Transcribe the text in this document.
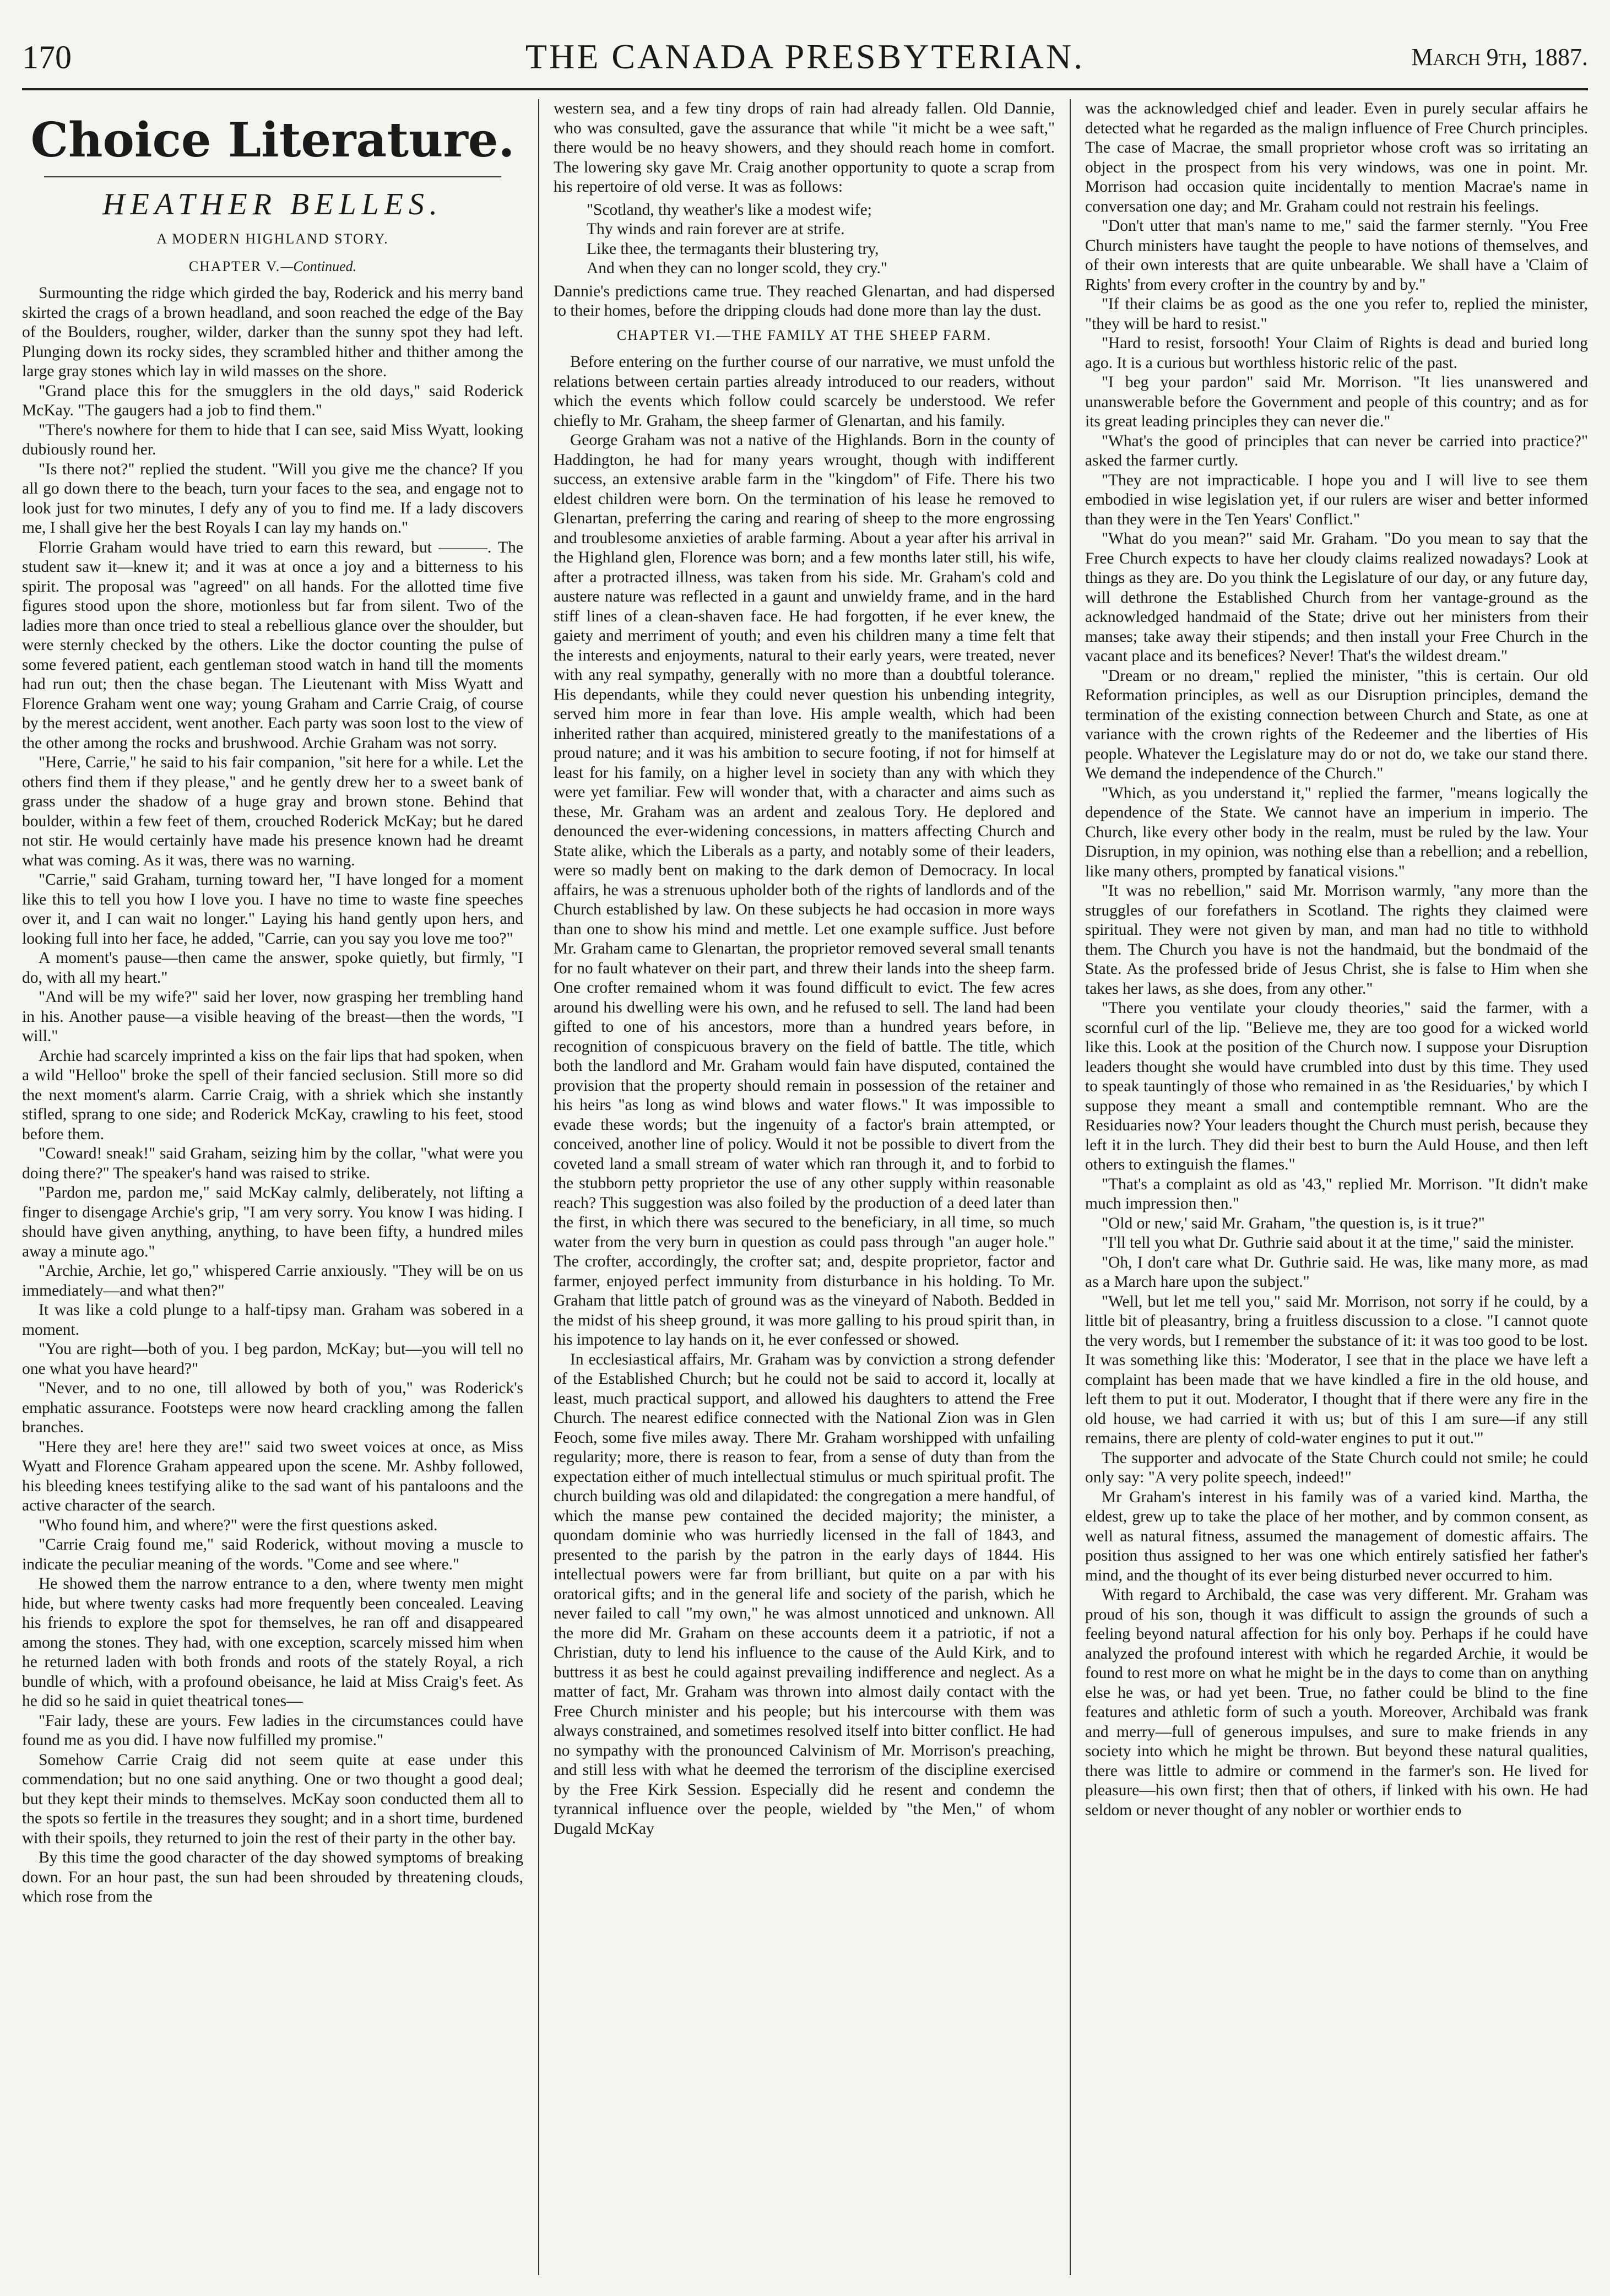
170	THE CANADA PRESBYTERIAN.	March 9th, 1887.
Choice Literature.
HEATHER BELLES.
A MODERN HIGHLAND STORY.
CHAPTER V.—Continued.

Surmounting the ridge which girded the bay, Roderick and his merry band skirted the crags of a brown headland, and soon reached the edge of the Bay of the Boulders, rougher, wilder, darker than the sunny spot they had left. Plunging down its rocky sides, they scrambled hither and thither among the large gray stones which lay in wild masses on the shore.

"Grand place this for the smugglers in the old days," said Roderick McKay. "The gaugers had a job to find them."

"There's nowhere for them to hide that I can see, said Miss Wyatt, looking dubiously round her.

"Is there not?" replied the student. "Will you give me the chance? If you all go down there to the beach, turn your faces to the sea, and engage not to look just for two minutes, I defy any of you to find me. If a lady discovers me, I shall give her the best Royals I can lay my hands on."

Florrie Graham would have tried to earn this reward, but ———. The student saw it—knew it; and it was at once a joy and a bitterness to his spirit. The proposal was "agreed" on all hands. For the allotted time five figures stood upon the shore, motionless but far from silent. Two of the ladies more than once tried to steal a rebellious glance over the shoulder, but were sternly checked by the others. Like the doctor counting the pulse of some fevered patient, each gentleman stood watch in hand till the moments had run out; then the chase began. The Lieutenant with Miss Wyatt and Florence Graham went one way; young Graham and Carrie Craig, of course by the merest accident, went another. Each party was soon lost to the view of the other among the rocks and brushwood. Archie Graham was not sorry.

"Here, Carrie," he said to his fair companion, "sit here for a while. Let the others find them if they please," and he gently drew her to a sweet bank of grass under the shadow of a huge gray and brown stone. Behind that boulder, within a few feet of them, crouched Roderick McKay; but he dared not stir. He would certainly have made his presence known had he dreamt what was coming. As it was, there was no warning.

"Carrie," said Graham, turning toward her, "I have longed for a moment like this to tell you how I love you. I have no time to waste fine speeches over it, and I can wait no longer." Laying his hand gently upon hers, and looking full into her face, he added, "Carrie, can you say you love me too?"

A moment's pause—then came the answer, spoke quietly, but firmly, "I do, with all my heart."

"And will be my wife?" said her lover, now grasping her trembling hand in his. Another pause—a visible heaving of the breast—then the words, "I will."

Archie had scarcely imprinted a kiss on the fair lips that had spoken, when a wild "Helloo" broke the spell of their fancied seclusion. Still more so did the next moment's alarm. Carrie Craig, with a shriek which she instantly stifled, sprang to one side; and Roderick McKay, crawling to his feet, stood before them.

"Coward! sneak!" said Graham, seizing him by the collar, "what were you doing there?" The speaker's hand was raised to strike.

"Pardon me, pardon me," said McKay calmly, deliberately, not lifting a finger to disengage Archie's grip, "I am very sorry. You know I was hiding. I should have given anything, anything, to have been fifty, a hundred miles away a minute ago."

"Archie, Archie, let go," whispered Carrie anxiously. "They will be on us immediately—and what then?"

It was like a cold plunge to a half-tipsy man. Graham was sobered in a moment.

"You are right—both of you. I beg pardon, McKay; but—you will tell no one what you have heard?"

"Never, and to no one, till allowed by both of you," was Roderick's emphatic assurance. Footsteps were now heard crackling among the fallen branches.

"Here they are! here they are!" said two sweet voices at once, as Miss Wyatt and Florence Graham appeared upon the scene. Mr. Ashby followed, his bleeding knees testifying alike to the sad want of his pantaloons and the active character of the search.

"Who found him, and where?" were the first questions asked.

"Carrie Craig found me," said Roderick, without moving a muscle to indicate the peculiar meaning of the words. "Come and see where."

He showed them the narrow entrance to a den, where twenty men might hide, but where twenty casks had more frequently been concealed. Leaving his friends to explore the spot for themselves, he ran off and disappeared among the stones. They had, with one exception, scarcely missed him when he returned laden with both fronds and roots of the stately Royal, a rich bundle of which, with a profound obeisance, he laid at Miss Craig's feet. As he did so he said in quiet theatrical tones—

"Fair lady, these are yours. Few ladies in the circumstances could have found me as you did. I have now fulfilled my promise."

Somehow Carrie Craig did not seem quite at ease under this commendation; but no one said anything. One or two thought a good deal; but they kept their minds to themselves. McKay soon conducted them all to the spots so fertile in the treasures they sought; and in a short time, burdened with their spoils, they returned to join the rest of their party in the other bay.

By this time the good character of the day showed symptoms of breaking down. For an hour past, the sun had been shrouded by threatening clouds, which rose from the

western sea, and a few tiny drops of rain had already fallen. Old Dannie, who was consulted, gave the assurance that while "it micht be a wee saft," there would be no heavy showers, and they should reach home in comfort. The lowering sky gave Mr. Craig another opportunity to quote a scrap from his repertoire of old verse. It was as follows:

"Scotland, thy weather's like a modest wife;
Thy winds and rain forever are at strife.
Like thee, the termagants their blustering try,
And when they can no longer scold, they cry."

Dannie's predictions came true. They reached Glenartan, and had dispersed to their homes, before the dripping clouds had done more than lay the dust.

CHAPTER VI.—THE FAMILY AT THE SHEEP FARM.

Before entering on the further course of our narrative, we must unfold the relations between certain parties already introduced to our readers, without which the events which follow could scarcely be understood. We refer chiefly to Mr. Graham, the sheep farmer of Glenartan, and his family.

George Graham was not a native of the Highlands. Born in the county of Haddington, he had for many years wrought, though with indifferent success, an extensive arable farm in the "kingdom" of Fife. There his two eldest children were born. On the termination of his lease he removed to Glenartan, preferring the caring and rearing of sheep to the more engrossing and troublesome anxieties of arable farming. About a year after his arrival in the Highland glen, Florence was born; and a few months later still, his wife, after a protracted illness, was taken from his side. Mr. Graham's cold and austere nature was reflected in a gaunt and unwieldy frame, and in the hard stiff lines of a clean-shaven face. He had forgotten, if he ever knew, the gaiety and merriment of youth; and even his children many a time felt that the interests and enjoyments, natural to their early years, were treated, never with any real sympathy, generally with no more than a doubtful tolerance. His dependants, while they could never question his unbending integrity, served him more in fear than love. His ample wealth, which had been inherited rather than acquired, ministered greatly to the manifestations of a proud nature; and it was his ambition to secure footing, if not for himself at least for his family, on a higher level in society than any with which they were yet familiar. Few will wonder that, with a character and aims such as these, Mr. Graham was an ardent and zealous Tory. He deplored and denounced the ever-widening concessions, in matters affecting Church and State alike, which the Liberals as a party, and notably some of their leaders, were so madly bent on making to the dark demon of Democracy. In local affairs, he was a strenuous upholder both of the rights of landlords and of the Church established by law. On these subjects he had occasion in more ways than one to show his mind and mettle. Let one example suffice. Just before Mr. Graham came to Glenartan, the proprietor removed several small tenants for no fault whatever on their part, and threw their lands into the sheep farm. One crofter remained whom it was found difficult to evict. The few acres around his dwelling were his own, and he refused to sell. The land had been gifted to one of his ancestors, more than a hundred years before, in recognition of conspicuous bravery on the field of battle. The title, which both the landlord and Mr. Graham would fain have disputed, contained the provision that the property should remain in possession of the retainer and his heirs "as long as wind blows and water flows." It was impossible to evade these words; but the ingenuity of a factor's brain attempted, or conceived, another line of policy. Would it not be possible to divert from the coveted land a small stream of water which ran through it, and to forbid to the stubborn petty proprietor the use of any other supply within reasonable reach? This suggestion was also foiled by the production of a deed later than the first, in which there was secured to the beneficiary, in all time, so much water from the very burn in question as could pass through "an auger hole." The crofter, accordingly, the crofter sat; and, despite proprietor, factor and farmer, enjoyed perfect immunity from disturbance in his holding. To Mr. Graham that little patch of ground was as the vineyard of Naboth. Bedded in the midst of his sheep ground, it was more galling to his proud spirit than, in his impotence to lay hands on it, he ever confessed or showed.

In ecclesiastical affairs, Mr. Graham was by conviction a strong defender of the Established Church; but he could not be said to accord it, locally at least, much practical support, and allowed his daughters to attend the Free Church. The nearest edifice connected with the National Zion was in Glen Feoch, some five miles away. There Mr. Graham worshipped with unfailing regularity; more, there is reason to fear, from a sense of duty than from the expectation either of much intellectual stimulus or much spiritual profit. The church building was old and dilapidated: the congregation a mere handful, of which the manse pew contained the decided majority; the minister, a quondam dominie who was hurriedly licensed in the fall of 1843, and presented to the parish by the patron in the early days of 1844. His intellectual powers were far from brilliant, but quite on a par with his oratorical gifts; and in the general life and society of the parish, which he never failed to call "my own," he was almost unnoticed and unknown. All the more did Mr. Graham on these accounts deem it a patriotic, if not a Christian, duty to lend his influence to the cause of the Auld Kirk, and to buttress it as best he could against prevailing indifference and neglect. As a matter of fact, Mr. Graham was thrown into almost daily contact with the Free Church minister and his people; but his intercourse with them was always constrained, and sometimes resolved itself into bitter conflict. He had no sympathy with the pronounced Calvinism of Mr. Morrison's preaching, and still less with what he deemed the terrorism of the discipline exercised by the Free Kirk Session. Especially did he resent and condemn the tyrannical influence over the people, wielded by "the Men," of whom Dugald McKay

was the acknowledged chief and leader. Even in purely secular affairs he detected what he regarded as the malign influence of Free Church principles. The case of Macrae, the small proprietor whose croft was so irritating an object in the prospect from his very windows, was one in point. Mr. Morrison had occasion quite incidentally to mention Macrae's name in conversation one day; and Mr. Graham could not restrain his feelings.

"Don't utter that man's name to me," said the farmer sternly. "You Free Church ministers have taught the people to have notions of themselves, and of their own interests that are quite unbearable. We shall have a 'Claim of Rights' from every crofter in the country by and by."

"If their claims be as good as the one you refer to, replied the minister, "they will be hard to resist."

"Hard to resist, forsooth! Your Claim of Rights is dead and buried long ago. It is a curious but worthless historic relic of the past.

"I beg your pardon" said Mr. Morrison. "It lies unanswered and unanswerable before the Government and people of this country; and as for its great leading principles they can never die."

"What's the good of principles that can never be carried into practice?" asked the farmer curtly.

"They are not impracticable. I hope you and I will live to see them embodied in wise legislation yet, if our rulers are wiser and better informed than they were in the Ten Years' Conflict."

"What do you mean?" said Mr. Graham. "Do you mean to say that the Free Church expects to have her cloudy claims realized nowadays? Look at things as they are. Do you think the Legislature of our day, or any future day, will dethrone the Established Church from her vantage-ground as the acknowledged handmaid of the State; drive out her ministers from their manses; take away their stipends; and then install your Free Church in the vacant place and its benefices? Never! That's the wildest dream."

"Dream or no dream," replied the minister, "this is certain. Our old Reformation principles, as well as our Disruption principles, demand the termination of the existing connection between Church and State, as one at variance with the crown rights of the Redeemer and the liberties of His people. Whatever the Legislature may do or not do, we take our stand there. We demand the independence of the Church."

"Which, as you understand it," replied the farmer, "means logically the dependence of the State. We cannot have an imperium in imperio. The Church, like every other body in the realm, must be ruled by the law. Your Disruption, in my opinion, was nothing else than a rebellion; and a rebellion, like many others, prompted by fanatical visions."

"It was no rebellion," said Mr. Morrison warmly, "any more than the struggles of our forefathers in Scotland. The rights they claimed were spiritual. They were not given by man, and man had no title to withhold them. The Church you have is not the handmaid, but the bondmaid of the State. As the professed bride of Jesus Christ, she is false to Him when she takes her laws, as she does, from any other."

"There you ventilate your cloudy theories," said the farmer, with a scornful curl of the lip. "Believe me, they are too good for a wicked world like this. Look at the position of the Church now. I suppose your Disruption leaders thought she would have crumbled into dust by this time. They used to speak tauntingly of those who remained in as 'the Residuaries,' by which I suppose they meant a small and contemptible remnant. Who are the Residuaries now? Your leaders thought the Church must perish, because they left it in the lurch. They did their best to burn the Auld House, and then left others to extinguish the flames."

"That's a complaint as old as '43," replied Mr. Morrison. "It didn't make much impression then."

"Old or new,' said Mr. Graham, "the question is, is it true?"

"I'll tell you what Dr. Guthrie said about it at the time," said the minister.

"Oh, I don't care what Dr. Guthrie said. He was, like many more, as mad as a March hare upon the subject."

"Well, but let me tell you," said Mr. Morrison, not sorry if he could, by a little bit of pleasantry, bring a fruitless discussion to a close. "I cannot quote the very words, but I remember the substance of it: it was too good to be lost. It was something like this: 'Moderator, I see that in the place we have left a complaint has been made that we have kindled a fire in the old house, and left them to put it out. Moderator, I thought that if there were any fire in the old house, we had carried it with us; but of this I am sure—if any still remains, there are plenty of cold-water engines to put it out.'"

The supporter and advocate of the State Church could not smile; he could only say: "A very polite speech, indeed!"

Mr Graham's interest in his family was of a varied kind. Martha, the eldest, grew up to take the place of her mother, and by common consent, as well as natural fitness, assumed the management of domestic affairs. The position thus assigned to her was one which entirely satisfied her father's mind, and the thought of its ever being disturbed never occurred to him.

With regard to Archibald, the case was very different. Mr. Graham was proud of his son, though it was difficult to assign the grounds of such a feeling beyond natural affection for his only boy. Perhaps if he could have analyzed the profound interest with which he regarded Archie, it would be found to rest more on what he might be in the days to come than on anything else he was, or had yet been. True, no father could be blind to the fine features and athletic form of such a youth. Moreover, Archibald was frank and merry—full of generous impulses, and sure to make friends in any society into which he might be thrown. But beyond these natural qualities, there was little to admire or commend in the farmer's son. He lived for pleasure—his own first; then that of others, if linked with his own. He had seldom or never thought of any nobler or worthier ends to
